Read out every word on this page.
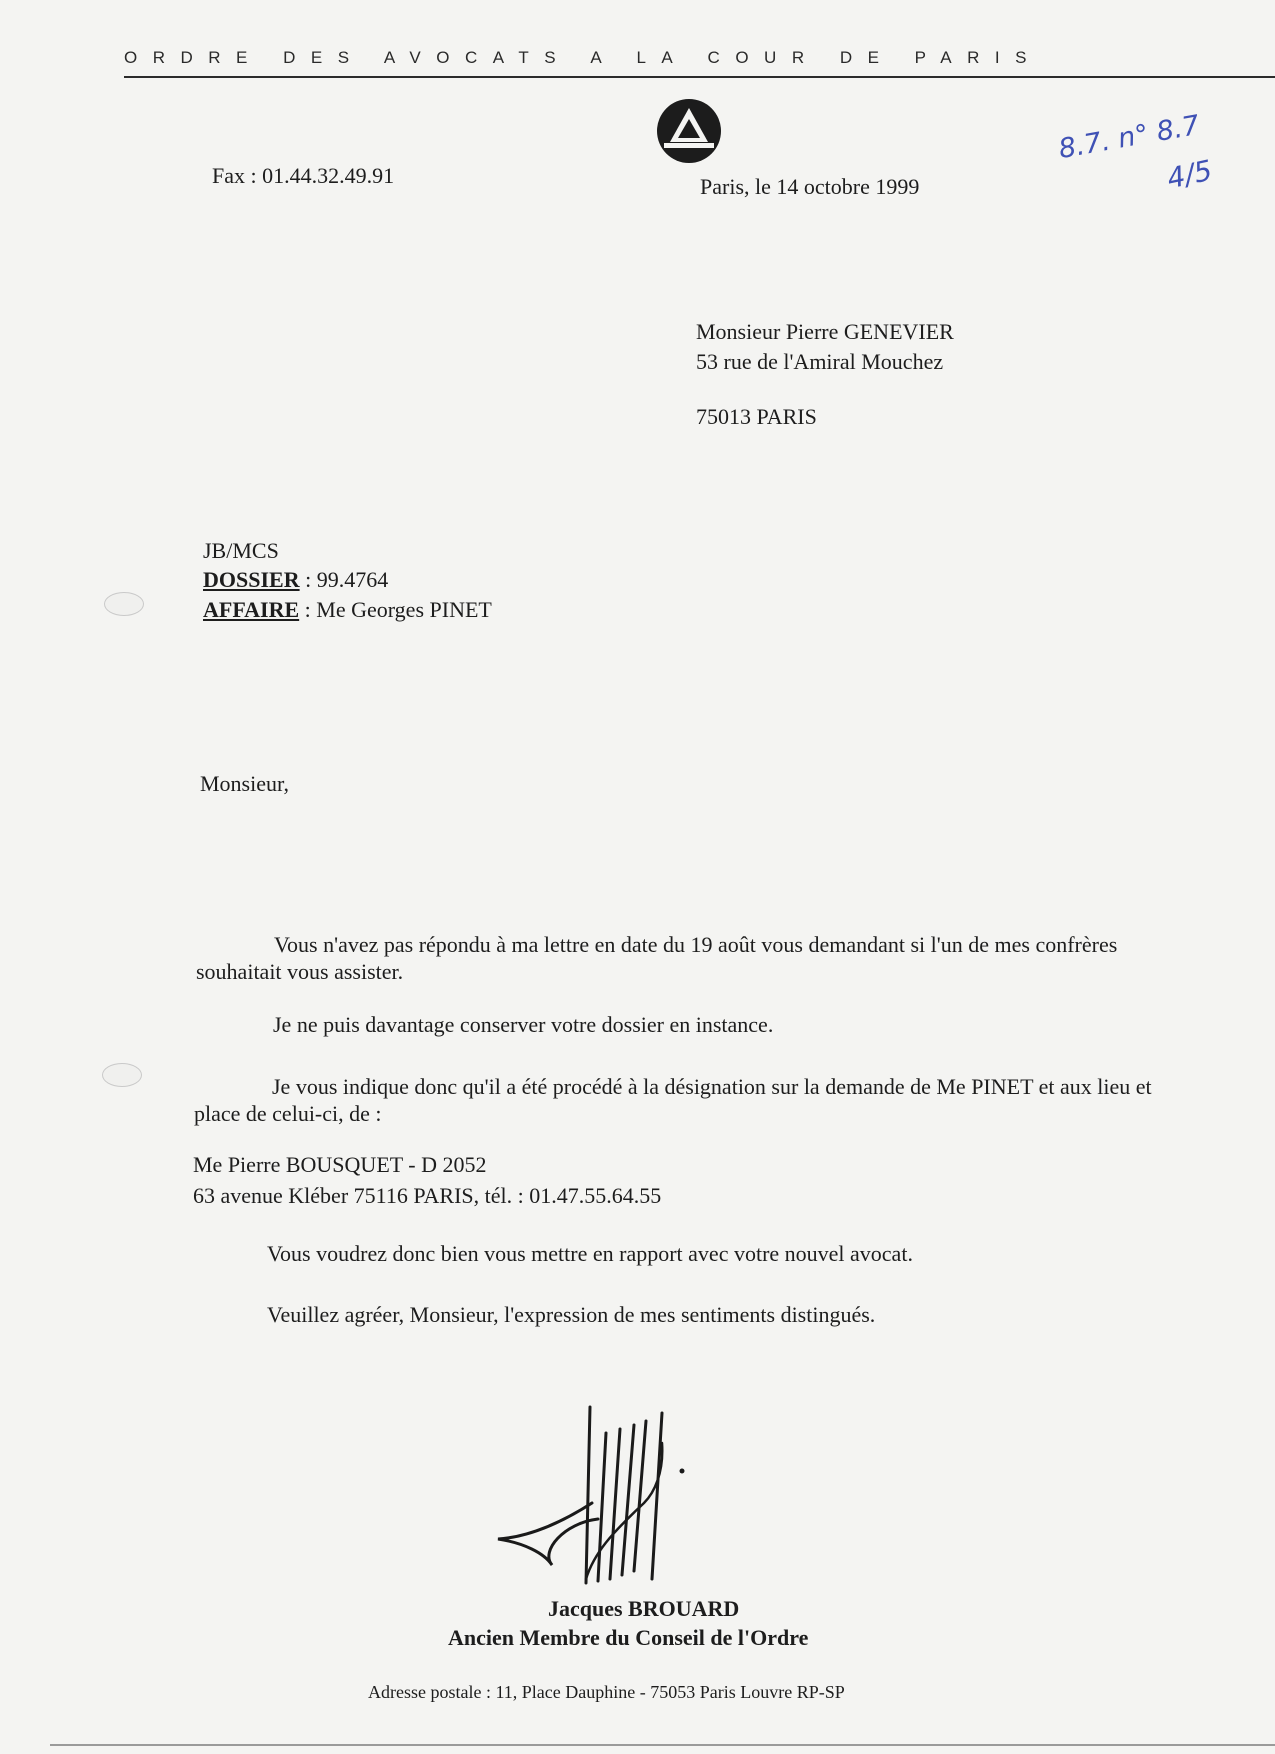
ORDRE DES AVOCATS A LA COUR DE PARIS
Fax : 01.44.32.49.91	Paris, le 14 octobre 1999
8.7. n° 8.7
4/5
Monsieur Pierre GENEVIER
53 rue de l'Amiral Mouchez
75013 PARIS
JB/MCS
DOSSIER : 99.4764
AFFAIRE : Me Georges PINET
Monsieur,
Vous n'avez pas répondu à ma lettre en date du 19 août vous demandant si l'un de mes confrères souhaitait vous assister.
Je ne puis davantage conserver votre dossier en instance.
Je vous indique donc qu'il a été procédé à la désignation sur la demande de Me PINET et aux lieu et place de celui-ci, de :
Me Pierre BOUSQUET - D 2052
63 avenue Kléber 75116 PARIS, tél. : 01.47.55.64.55
Vous voudrez donc bien vous mettre en rapport avec votre nouvel avocat.
Veuillez agréer, Monsieur, l'expression de mes sentiments distingués.
Jacques BROUARD
Ancien Membre du Conseil de l'Ordre
Adresse postale : 11, Place Dauphine - 75053 Paris Louvre RP-SP
